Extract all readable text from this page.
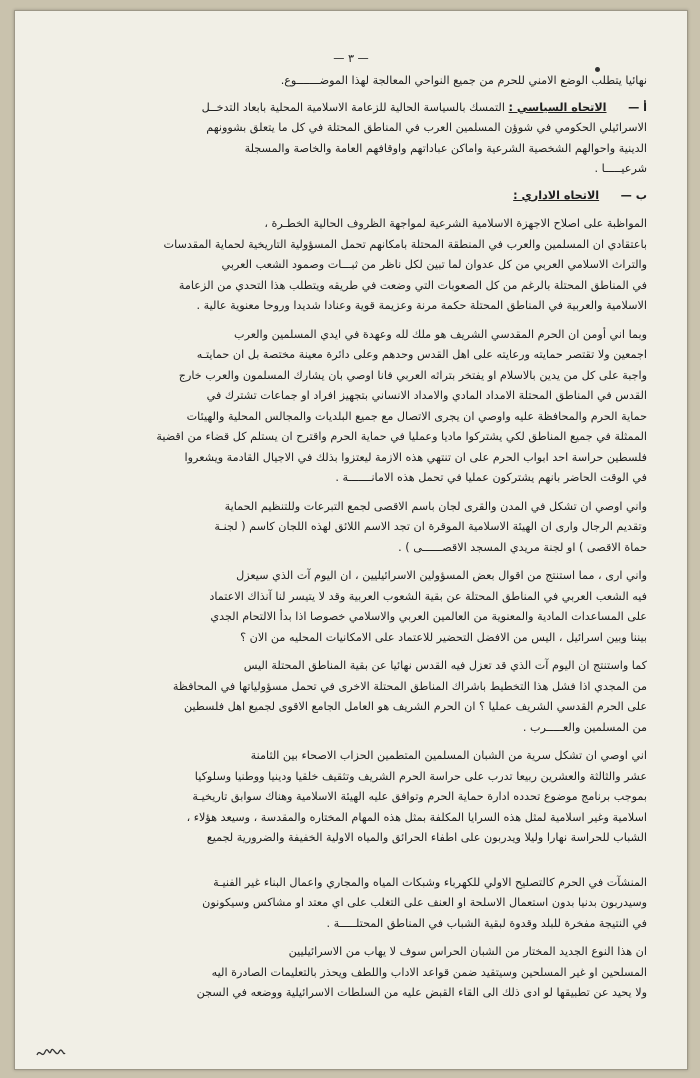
— ٣ —
نهائيا يتطلب الوضع الامني للحرم من جميع النواحي المعالجة لهذا الموضـــــــوع.
أ — الاتجاه السياسي : التمسك بالسياسة الحالية للزعامة الاسلامية المحلية بابعاد التدخــل
الاسرائيلي الحكومي في شوؤن المسلمين العرب في المناطق المحتلة في كل ما يتعلق بشوونهم
الدينية واحوالهم الشخصية الشرعية واماكن عباداتهم واوقافهم العامة والخاصة والمسجلة
شرعيـــــا .
ب — الاتجاه الاداري :
المواظبة على اصلاح الاجهزة الاسلامية الشرعية لمواجهة الظروف الحالية الخطـرة ،
باعتقادي ان المسلمين والعرب في المنطقة المحتلة بامكانهم تحمل المسؤولية التاريخية لحماية المقدسات
والتراث الاسلامي العربي من كل عدوان لما تبين لكل ناظر من ثبـــات وصمود الشعب العربي
في المناطق المحتلة بالرغم من كل الصعوبات التي وضعت في طريقه ويتطلب هذا التحدي من الزعامة
الاسلامية والعربية في المناطق المحتلة حكمة مرنة وعزيمة قوية وعنادا شديدا وروحا معنوية عالية .
وبما اني أومن ان الحرم المقدسي الشريف هو ملك لله وعهدة في ايدي المسلمين والعرب
اجمعين ولا تقتصر حمايته ورعايته على اهل القدس وحدهم وعلى دائرة معينة مختصة بل ان حمايتـه
واجبة على كل من يدين بالاسلام او يفتخر بتراثه العربي فانا اوصي بان يشارك المسلمون والعرب خارج
القدس في المناطق المحتلة الامداد المادي والامداد الانساني بتجهيز افراد او جماعات تشترك في
حماية الحرم والمحافظة عليه واوصي ان يجرى الاتصال مع جميع البلديات والمجالس المحلية والهيئات
الممثلة في جميع المناطق لكي يشتركوا ماديا وعمليا في حماية الحرم واقترح ان يستلم كل قضاء من اقضية
فلسطين حراسة احد ابواب الحرم على ان تنتهي هذه الازمة ليعتزوا بذلك في الاجيال القادمة ويشعروا
في الوقت الحاضر بانهم يشتركون عمليا في تحمل هذه الامانـــــــة .
واني اوصي ان تشكل في المدن والقرى لجان باسم الاقصى لجمع التبرعات وللتنظيم الحماية
وتقديم الرجال وارى ان الهيئة الاسلامية الموقرة ان تجد الاسم اللائق لهذه اللجان كاسم ( لجنـة
حماة الاقصى ) او لجنة مريدي المسجد الاقصــــــى ) .
واني ارى ، مما استنتج من اقوال بعض المسؤولين الاسرائيليين ، ان اليوم آت الذي سيعزل
فيه الشعب العربي في المناطق المحتلة عن بقية الشعوب العربية وقد لا يتيسر لنا آنذاك الاعتماد
على المساعدات المادية والمعنوية من العالمين العربي والاسلامي خصوصا اذا بدأ الالتحام الجدي
بيننا وبين اسرائيل ، اليس من الافضل التحضير للاعتماد على الامكانيات المحليه من الان ؟
كما واستنتج ان اليوم آت الذي قد تعزل فيه القدس نهائيا عن بقية المناطق المحتلة اليس
من المجدي اذا فشل هذا التخطيط باشراك المناطق المحتلة الاخرى في تحمل مسؤولياتها في المحافظة
على الحرم القدسي الشريف عمليا ؟ ان الحرم الشريف هو العامل الجامع الاقوى لجميع اهل فلسطين
من المسلمين والعـــــرب .
اني اوصي ان تشكل سرية من الشبان المسلمين المتطمين الحزاب الاصحاء بين الثامنة
عشر والثالثة والعشرين ربيعا تدرب على حراسة الحرم الشريف وتثقيف خلقيا ودينيا ووطنيا وسلوكيا
بموجب برنامج موضوع تحدده ادارة حماية الحرم وتوافق عليه الهيئة الاسلامية وهناك سوابق تاريخيـة
اسلامية وغير اسلامية لمثل هذه السرايا المكلفة بمثل هذه المهام المختاره والمقدسة ، وسيعد هؤلاء ،
الشباب للحراسة نهارا وليلا ويدربون على اطفاء الحرائق والمياه الاولية الخفيفة والضرورية لجميع
المنشآت في الحرم كالتصليح الاولي للكهرباء وشبكات المياه والمجاري واعمال البناء غير الفنيـة
وسيدربون بدنيا بدون استعمال الاسلحة او العنف على التغلب على اي معتد او مشاكس وسيكونون
في النتيجة مفخرة للبلد وقدوة لبقية الشباب في المناطق المحتلـــــة .
ان هذا النوع الجديد المختار من الشبان الحراس سوف لا يهاب من الاسرائيليين
المسلحين او غير المسلحين وسيتقيد ضمن قواعد الاداب واللطف ويحذر بالتعليمات الصادرة اليه
ولا يحيد عن تطبيقها لو ادى ذلك الى القاء القبض عليه من السلطات الاسرائيلية ووضعه في السجن
